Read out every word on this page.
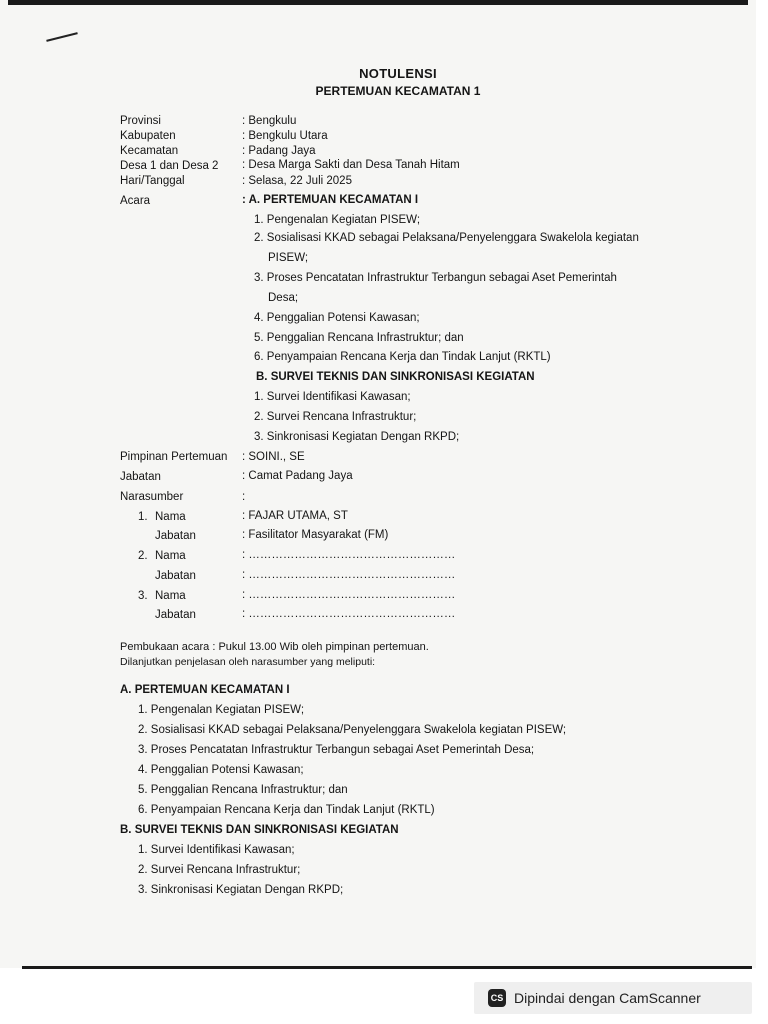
NOTULENSI
PERTEMUAN KECAMATAN 1
Provinsi	: Bengkulu
Kabupaten	: Bengkulu Utara
Kecamatan	: Padang Jaya
Desa 1 dan Desa 2 : Desa Marga Sakti dan Desa Tanah Hitam
Hari/Tanggal	: Selasa, 22 Juli 2025
Acara	: A. PERTEMUAN KECAMATAN I
1. Pengenalan Kegiatan PISEW;
2. Sosialisasi KKAD sebagai Pelaksana/Penyelenggara Swakelola kegiatan
PISEW;
3. Proses Pencatatan Infrastruktur Terbangun sebagai Aset Pemerintah
Desa;
4. Penggalian Potensi Kawasan;
5. Penggalian Rencana Infrastruktur; dan
6. Penyampaian Rencana Kerja dan Tindak Lanjut (RKTL)
B. SURVEI TEKNIS DAN SINKRONISASI KEGIATAN
1. Survei Identifikasi Kawasan;
2. Survei Rencana Infrastruktur;
3. Sinkronisasi Kegiatan Dengan RKPD;
Pimpinan Pertemuan : SOINI., SE
Jabatan	: Camat Padang Jaya
Narasumber	:
1. Nama	: FAJAR UTAMA, ST
Jabatan	: Fasilitator Masyarakat (FM)
2. Nama	: ………………………………………………
Jabatan	: ………………………………………………
3. Nama	: ………………………………………………
Jabatan	: ………………………………………………
Pembukaan acara : Pukul 13.00 Wib oleh pimpinan pertemuan.
Dilanjutkan penjelasan oleh narasumber yang meliputi:
A. PERTEMUAN KECAMATAN I
1. Pengenalan Kegiatan PISEW;
2. Sosialisasi KKAD sebagai Pelaksana/Penyelenggara Swakelola kegiatan PISEW;
3. Proses Pencatatan Infrastruktur Terbangun sebagai Aset Pemerintah Desa;
4. Penggalian Potensi Kawasan;
5. Penggalian Rencana Infrastruktur; dan
6. Penyampaian Rencana Kerja dan Tindak Lanjut (RKTL)
B. SURVEI TEKNIS DAN SINKRONISASI KEGIATAN
1. Survei Identifikasi Kawasan;
2. Survei Rencana Infrastruktur;
3. Sinkronisasi Kegiatan Dengan RKPD;
CS Dipindai dengan CamScanner
